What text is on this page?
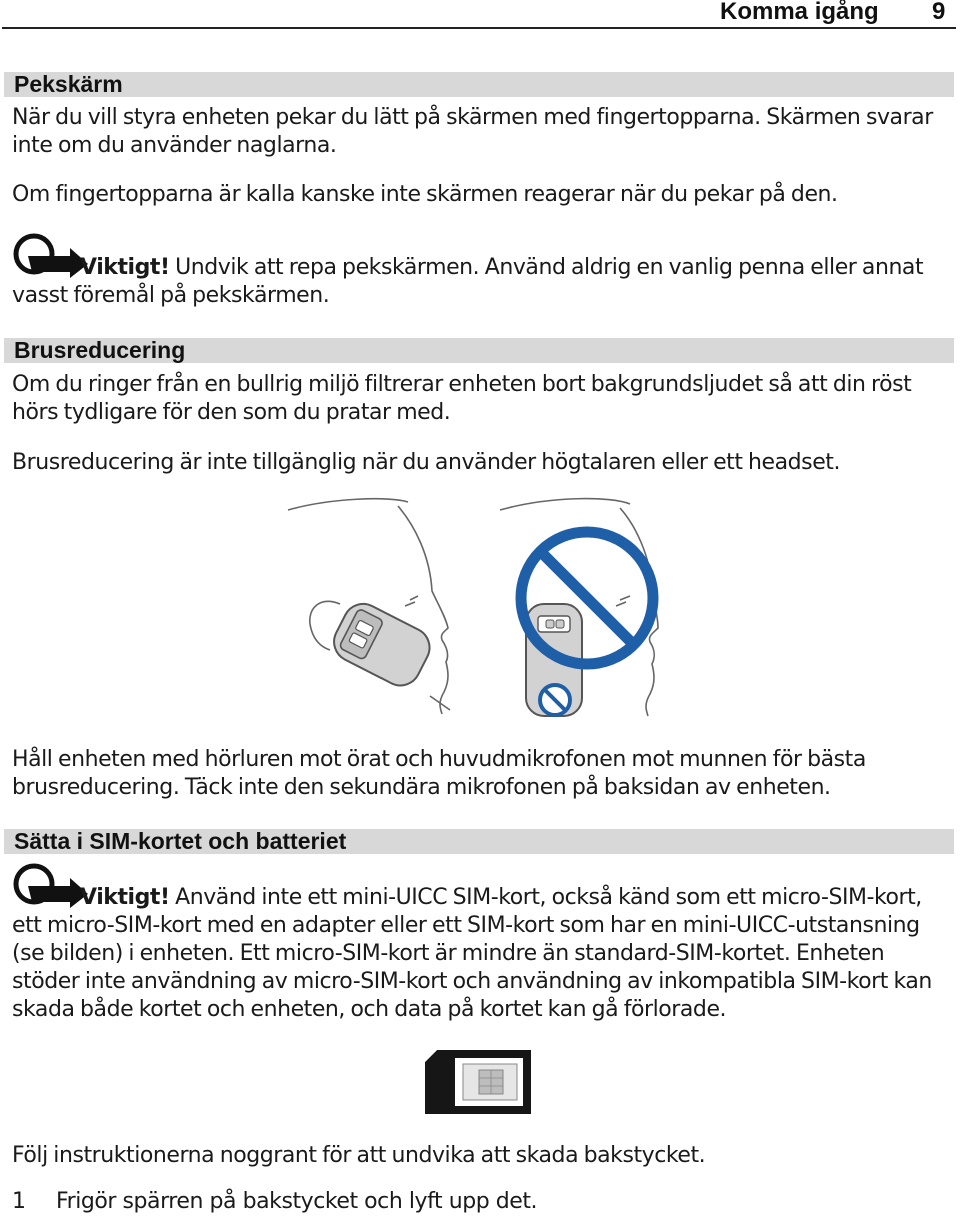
Komma igång 9
Pekskärm

När du vill styra enheten pekar du lätt på skärmen med fingertopparna. Skärmen svarar inte om du använder naglarna.

Om fingertopparna är kalla kanske inte skärmen reagerar när du pekar på den.

Viktigt! Undvik att repa pekskärmen. Använd aldrig en vanlig penna eller annat vasst föremål på pekskärmen.

Brusreducering

Om du ringer från en bullrig miljö filtrerar enheten bort bakgrundsljudet så att din röst hörs tydligare för den som du pratar med.

Brusreducering är inte tillgänglig när du använder högtalaren eller ett headset.

Håll enheten med hörluren mot örat och huvudmikrofonen mot munnen för bästa brusreducering. Täck inte den sekundära mikrofonen på baksidan av enheten.

Sätta i SIM-kortet och batteriet

Viktigt! Använd inte ett mini-UICC SIM-kort, också känd som ett micro-SIM-kort, ett micro-SIM-kort med en adapter eller ett SIM-kort som har en mini-UICC-utstansning (se bilden) i enheten. Ett micro-SIM-kort är mindre än standard-SIM-kortet. Enheten stöder inte användning av micro-SIM-kort och användning av inkompatibla SIM-kort kan skada både kortet och enheten, och data på kortet kan gå förlorade.

Följ instruktionerna noggrant för att undvika att skada bakstycket.

1 Frigör spärren på bakstycket och lyft upp det.
